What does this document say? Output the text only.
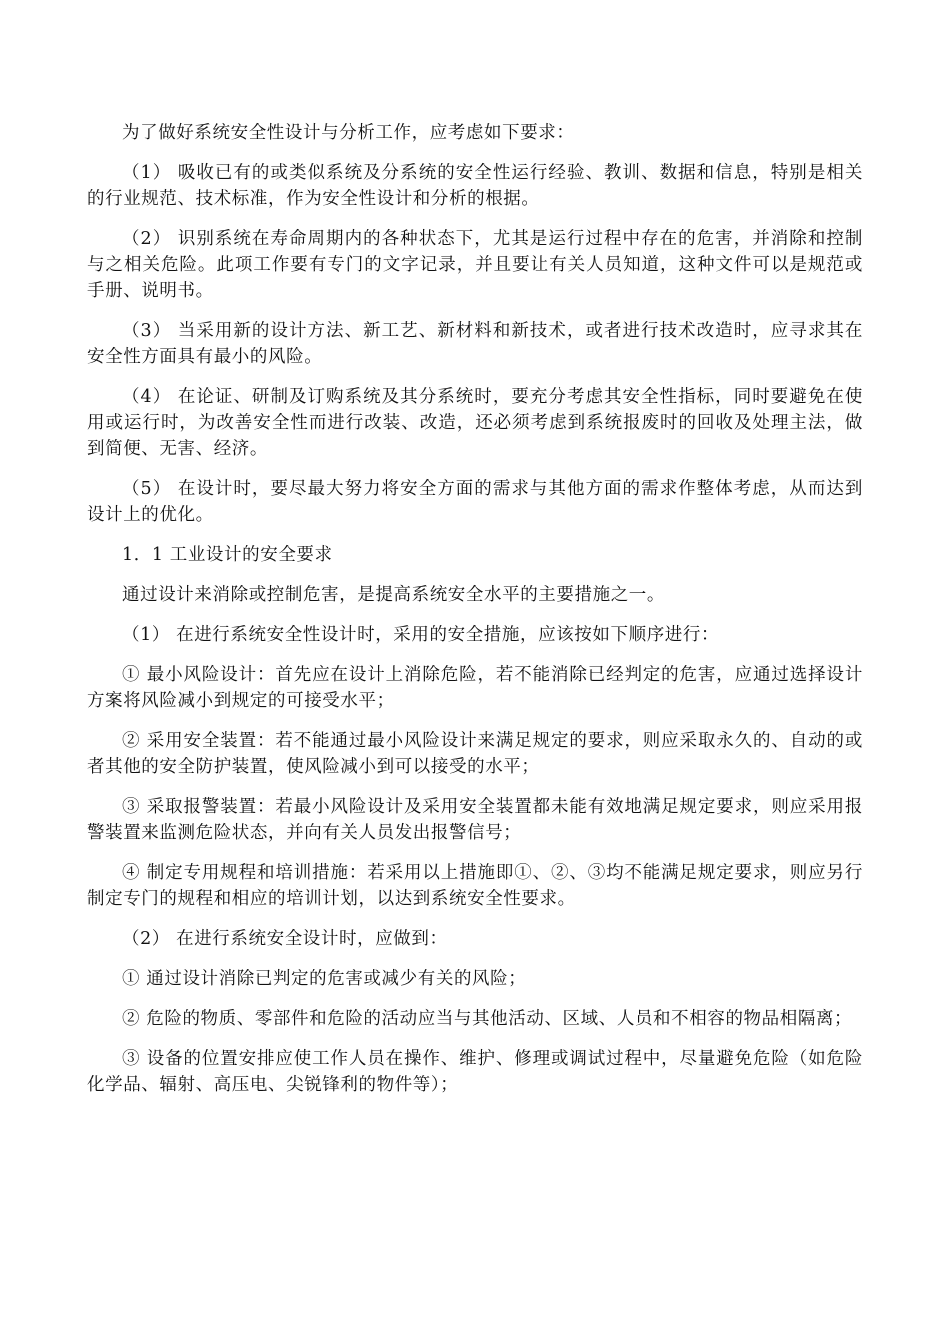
为了做好系统安全性设计与分析工作，应考虑如下要求：

（1） 吸收已有的或类似系统及分系统的安全性运行经验、教训、数据和信息，特别是相关的行业规范、技术标准，作为安全性设计和分析的根据。

（2） 识别系统在寿命周期内的各种状态下，尤其是运行过程中存在的危害，并消除和控制与之相关危险。此项工作要有专门的文字记录，并且要让有关人员知道，这种文件可以是规范或手册、说明书。

（3） 当采用新的设计方法、新工艺、新材料和新技术，或者进行技术改造时，应寻求其在安全性方面具有最小的风险。

（4） 在论证、研制及订购系统及其分系统时，要充分考虑其安全性指标，同时要避免在使用或运行时，为改善安全性而进行改装、改造，还必须考虑到系统报废时的回收及处理主法，做到简便、无害、经济。

（5） 在设计时，要尽最大努力将安全方面的需求与其他方面的需求作整体考虑，从而达到设计上的优化。

1．1 工业设计的安全要求

通过设计来消除或控制危害，是提高系统安全水平的主要措施之一。

（1） 在进行系统安全性设计时，采用的安全措施，应该按如下顺序进行：

① 最小风险设计：首先应在设计上消除危险，若不能消除已经判定的危害，应通过选择设计方案将风险减小到规定的可接受水平；

② 采用安全装置：若不能通过最小风险设计来满足规定的要求，则应采取永久的、自动的或者其他的安全防护装置，使风险减小到可以接受的水平；

③ 采取报警装置：若最小风险设计及采用安全装置都未能有效地满足规定要求，则应采用报警装置来监测危险状态，并向有关人员发出报警信号；

④ 制定专用规程和培训措施：若采用以上措施即①、②、③均不能满足规定要求，则应另行制定专门的规程和相应的培训计划，以达到系统安全性要求。

（2） 在进行系统安全设计时，应做到：

① 通过设计消除已判定的危害或减少有关的风险；

② 危险的物质、零部件和危险的活动应当与其他活动、区域、人员和不相容的物品相隔离；

③ 设备的位置安排应使工作人员在操作、维护、修理或调试过程中，尽量避免危险（如危险化学品、辐射、高压电、尖锐锋利的物件等）；
